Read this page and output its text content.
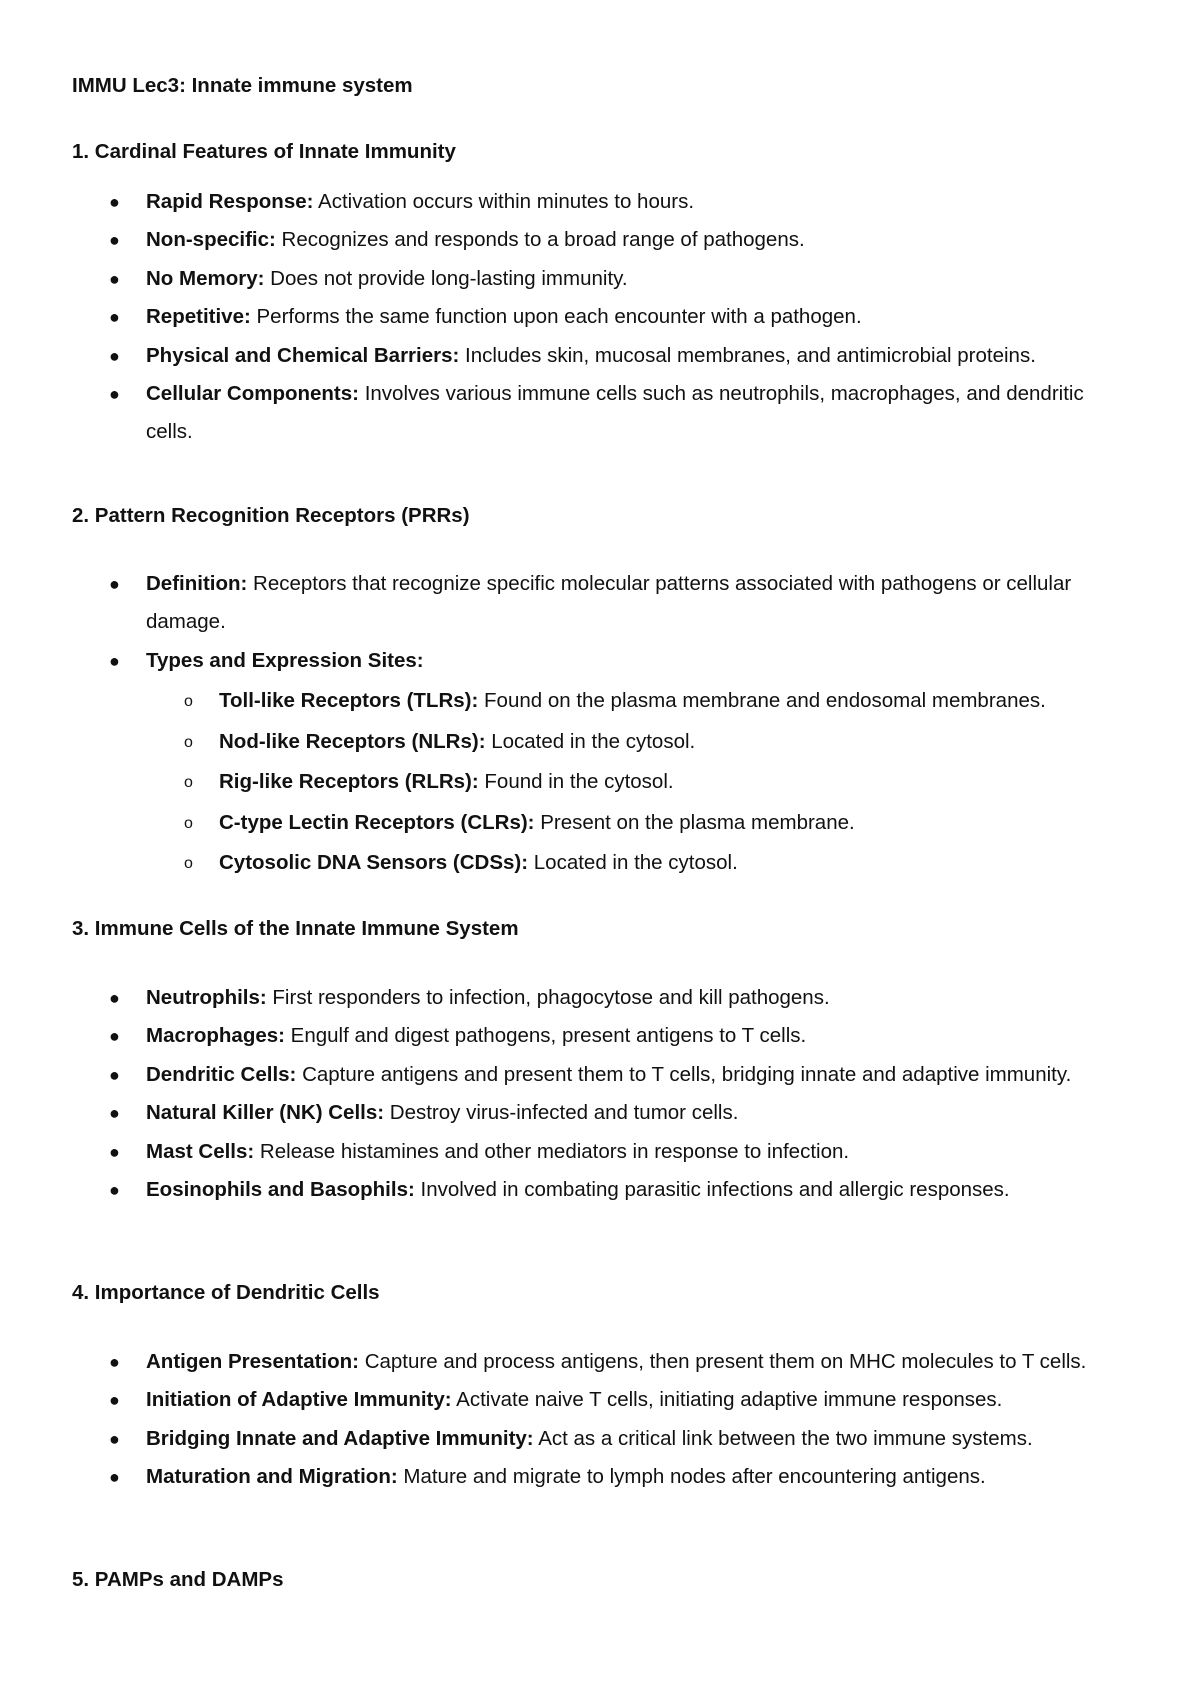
IMMU Lec3: Innate immune system
1. Cardinal Features of Innate Immunity
● Rapid Response: Activation occurs within minutes to hours.
● Non-specific: Recognizes and responds to a broad range of pathogens.
● No Memory: Does not provide long-lasting immunity.
● Repetitive: Performs the same function upon each encounter with a pathogen.
● Physical and Chemical Barriers: Includes skin, mucosal membranes, and antimicrobial proteins.
● Cellular Components: Involves various immune cells such as neutrophils, macrophages, and dendritic cells.
2. Pattern Recognition Receptors (PRRs)
● Definition: Receptors that recognize specific molecular patterns associated with pathogens or cellular damage.
● Types and Expression Sites:
o Toll-like Receptors (TLRs): Found on the plasma membrane and endosomal membranes.
o Nod-like Receptors (NLRs): Located in the cytosol.
o Rig-like Receptors (RLRs): Found in the cytosol.
o C-type Lectin Receptors (CLRs): Present on the plasma membrane.
o Cytosolic DNA Sensors (CDSs): Located in the cytosol.
3. Immune Cells of the Innate Immune System
● Neutrophils: First responders to infection, phagocytose and kill pathogens.
● Macrophages: Engulf and digest pathogens, present antigens to T cells.
● Dendritic Cells: Capture antigens and present them to T cells, bridging innate and adaptive immunity.
● Natural Killer (NK) Cells: Destroy virus-infected and tumor cells.
● Mast Cells: Release histamines and other mediators in response to infection.
● Eosinophils and Basophils: Involved in combating parasitic infections and allergic responses.
4. Importance of Dendritic Cells
● Antigen Presentation: Capture and process antigens, then present them on MHC molecules to T cells.
● Initiation of Adaptive Immunity: Activate naive T cells, initiating adaptive immune responses.
● Bridging Innate and Adaptive Immunity: Act as a critical link between the two immune systems.
● Maturation and Migration: Mature and migrate to lymph nodes after encountering antigens.
5. PAMPs and DAMPs
